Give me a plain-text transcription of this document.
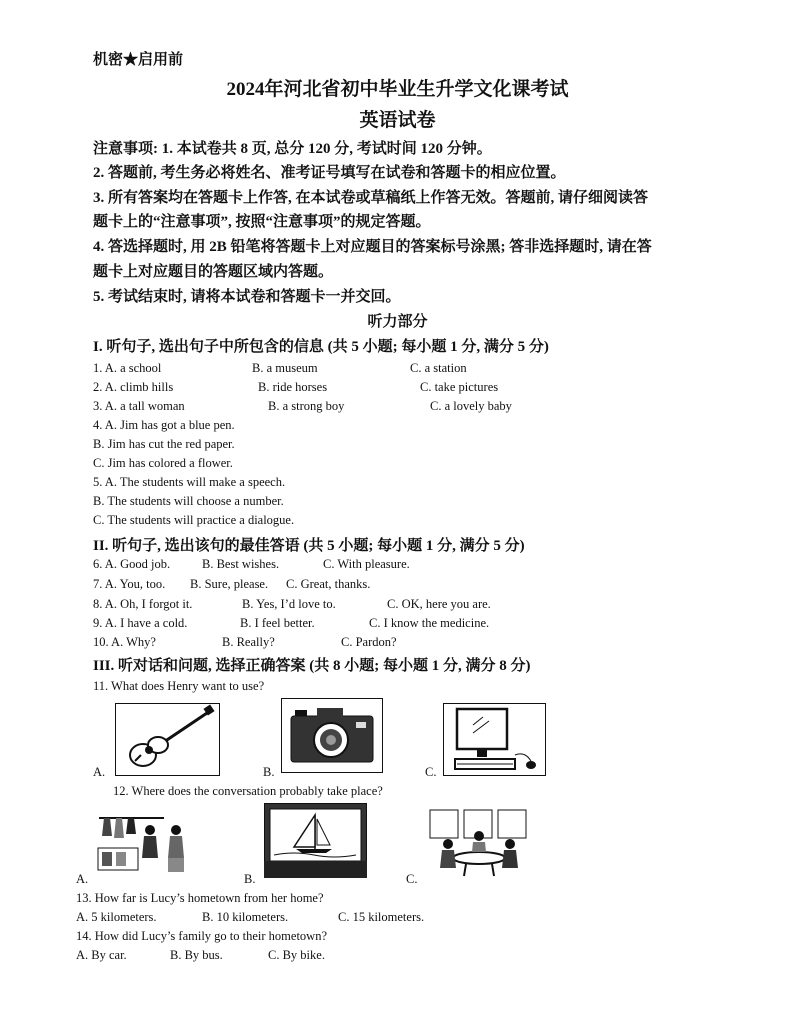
机密★启用前
2024年河北省初中毕业生升学文化课考试
英语试卷
注意事项: 1. 本试卷共 8 页, 总分 120 分, 考试时间 120 分钟。
2. 答题前, 考生务必将姓名、准考证号填写在试卷和答题卡的相应位置。
3. 所有答案均在答题卡上作答, 在本试卷或草稿纸上作答无效。答题前, 请仔细阅读答
题卡上的“注意事项”, 按照“注意事项”的规定答题。
4. 答选择题时, 用 2B 铅笔将答题卡上对应题目的答案标号涂黑; 答非选择题时, 请在答
题卡上对应题目的答题区域内答题。
5. 考试结束时, 请将本试卷和答题卡一并交回。
听力部分
I. 听句子, 选出句子中所包含的信息 (共 5 小题; 每小题 1 分, 满分 5 分)
1. A. a school	B. a museum	C. a station
2. A. climb hills	B. ride horses	C. take pictures
3. A. a tall woman	B. a strong boy	C. a lovely baby
4. A. Jim has got a blue pen.
B. Jim has cut the red paper.
C. Jim has colored a flower.
5. A. The students will make a speech.
B. The students will choose a number.
C. The students will practice a dialogue.
II. 听句子, 选出该句的最佳答语 (共 5 小题; 每小题 1 分, 满分 5 分)
6. A. Good job.	B. Best wishes.	C. With pleasure.
7. A. You, too. B. Sure, please. C. Great, thanks.
8. A. Oh, I forgot it.	B. Yes, I’d love to.	C. OK, here you are.
9. A. I have a cold.	B. I feel better.	C. I know the medicine.
10. A. Why?	B. Really?	C. Pardon?
III. 听对话和问题, 选择正确答案 (共 8 小题; 每小题 1 分, 满分 8 分)
11. What does Henry want to use?
A.	B.	C.
12. Where does the conversation probably take place?
A.	B.	C.
13. How far is Lucy’s hometown from her home?
A. 5 kilometers.	B. 10 kilometers.	C. 15 kilometers.
14. How did Lucy’s family go to their hometown?
A. By car.	B. By bus.	C. By bike.
